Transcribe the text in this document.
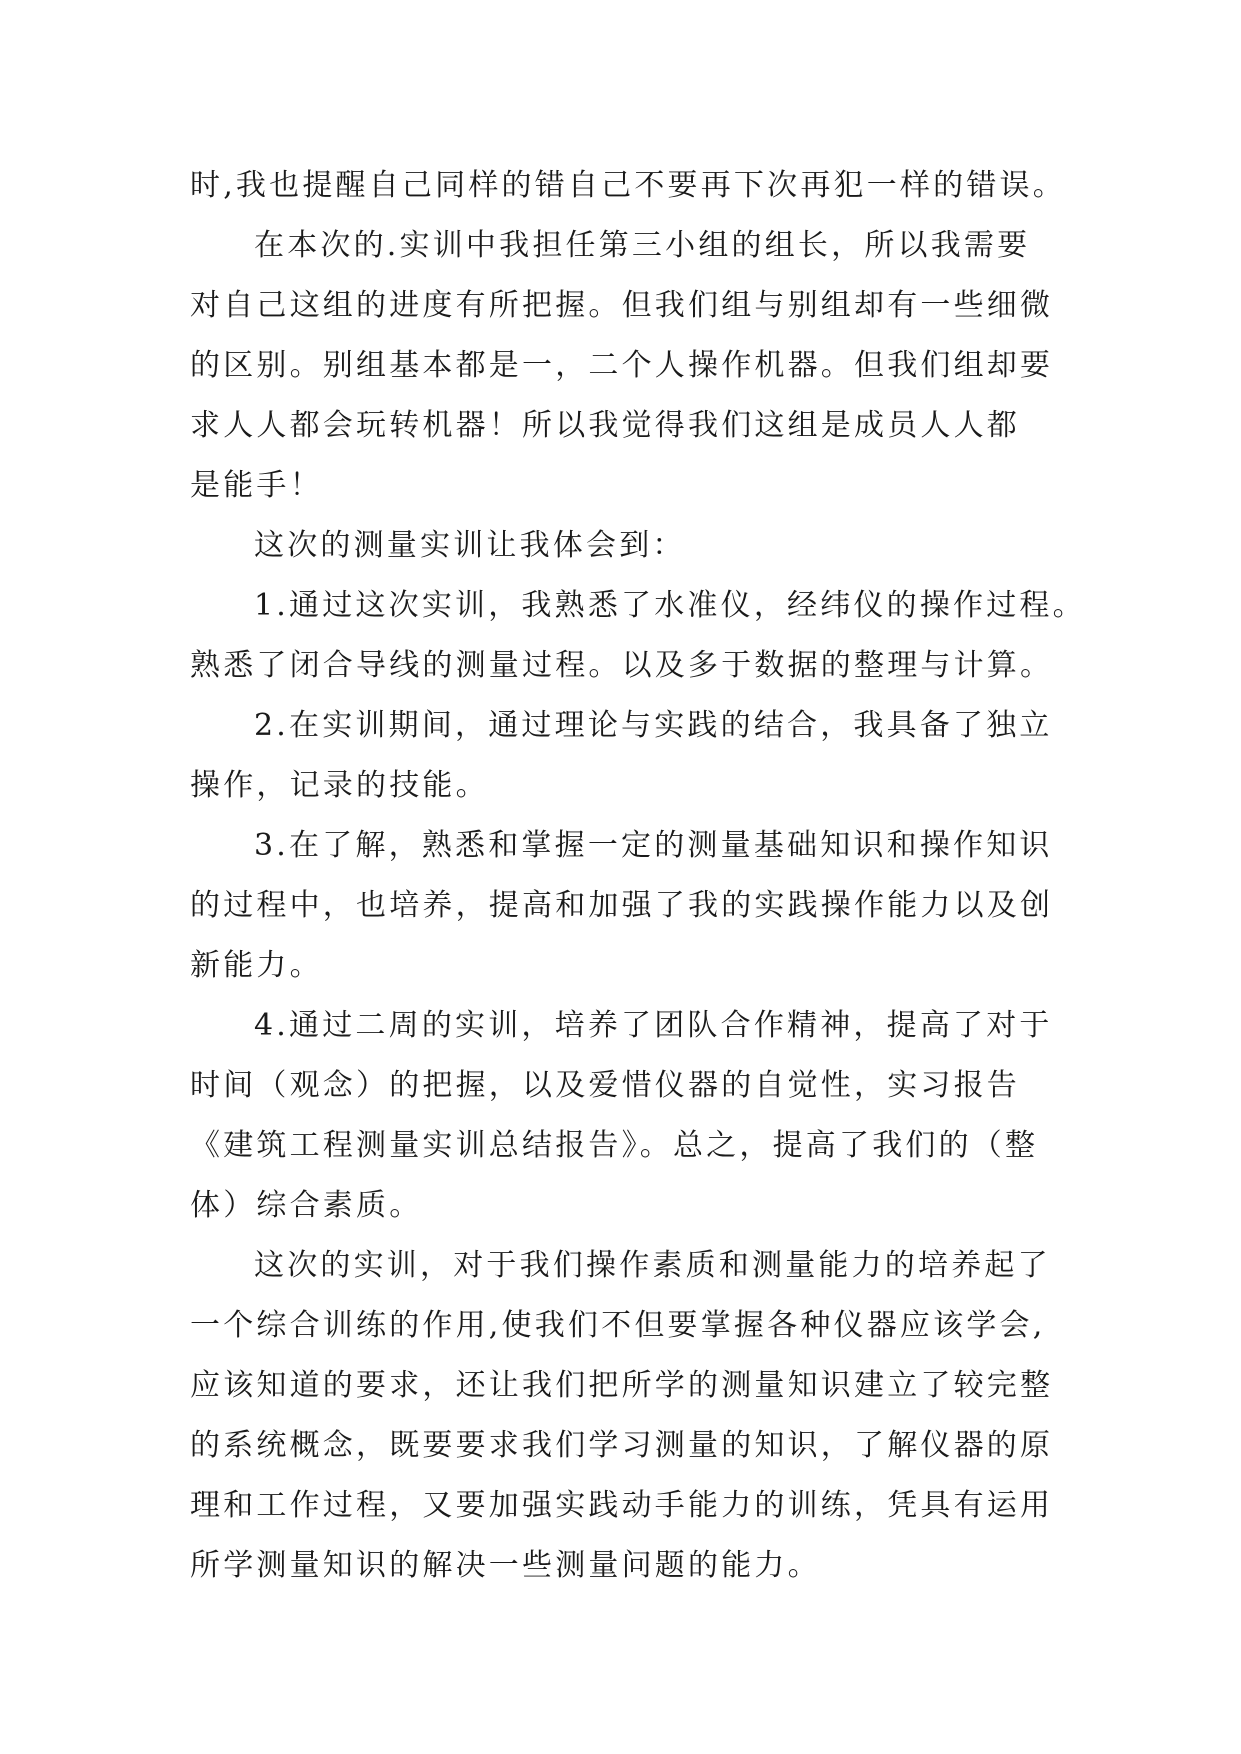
时,我也提醒自己同样的错自己不要再下次再犯一样的错误。
在本次的.实训中我担任第三小组的组长，所以我需要
对自己这组的进度有所把握。但我们组与别组却有一些细微
的区别。别组基本都是一，二个人操作机器。但我们组却要
求人人都会玩转机器！所以我觉得我们这组是成员人人都
是能手！
这次的测量实训让我体会到：
1.通过这次实训，我熟悉了水准仪，经纬仪的操作过程。
熟悉了闭合导线的测量过程。以及多于数据的整理与计算。
2.在实训期间，通过理论与实践的结合，我具备了独立
操作，记录的技能。
3.在了解，熟悉和掌握一定的测量基础知识和操作知识
的过程中，也培养，提高和加强了我的实践操作能力以及创
新能力。
4.通过二周的实训，培养了团队合作精神，提高了对于
时间（观念）的把握，以及爱惜仪器的自觉性，实习报告
《建筑工程测量实训总结报告》。总之，提高了我们的（整
体）综合素质。
这次的实训，对于我们操作素质和测量能力的培养起了
一个综合训练的作用,使我们不但要掌握各种仪器应该学会,
应该知道的要求，还让我们把所学的测量知识建立了较完整
的系统概念，既要要求我们学习测量的知识，了解仪器的原
理和工作过程，又要加强实践动手能力的训练，凭具有运用
所学测量知识的解决一些测量问题的能力。
